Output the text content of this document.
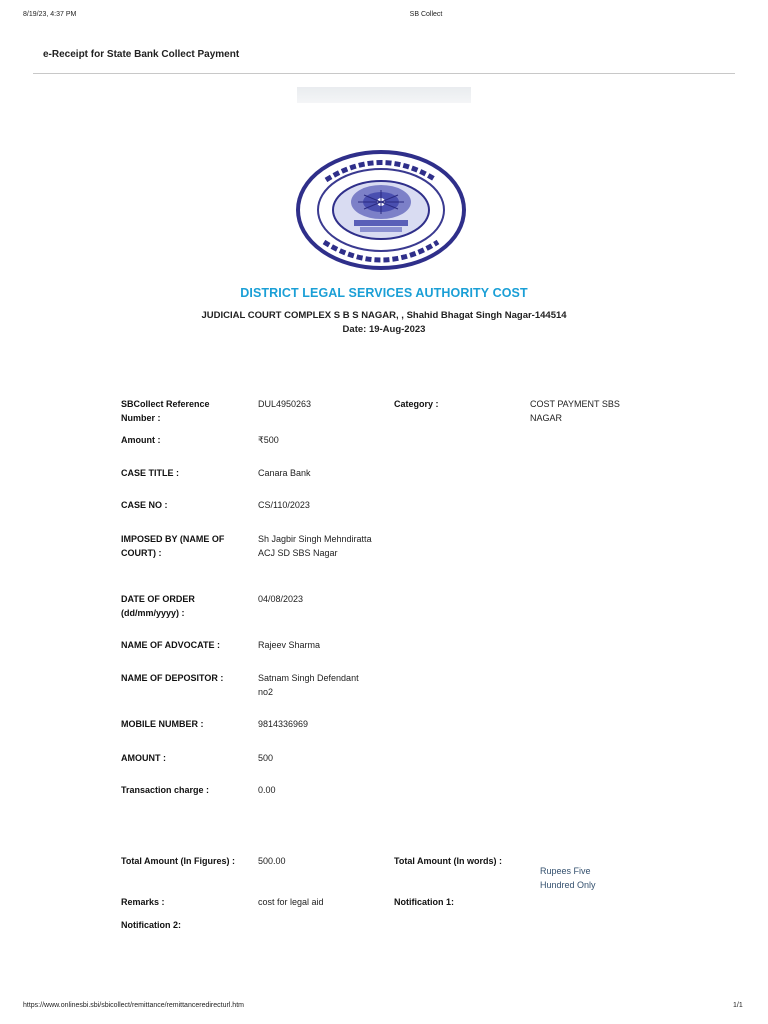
8/19/23, 4:37 PM	SB Collect
e-Receipt for State Bank Collect Payment
DISTRICT LEGAL SERVICES AUTHORITY COST
JUDICIAL COURT COMPLEX S B S NAGAR, , Shahid Bhagat Singh Nagar-144514
Date: 19-Aug-2023
SBCollect Reference Number :
DUL4950263	Category :	COST PAYMENT SBS NAGAR
Amount :	₹500
CASE TITLE :	Canara Bank
CASE NO :	CS/110/2023
IMPOSED BY (NAME OF COURT) :
Sh Jagbir Singh Mehndiratta ACJ SD SBS Nagar
DATE OF ORDER (dd/mm/yyyy) :
04/08/2023
NAME OF ADVOCATE :	Rajeev Sharma
NAME OF DEPOSITOR :	Satnam Singh Defendant no2
MOBILE NUMBER :	9814336969
AMOUNT :	500
Transaction charge :	0.00
Total Amount (In Figures) :	500.00	Total Amount (In words) :
Rupees Five Hundred Only
Remarks :	cost for legal aid	Notification 1:
Notification 2:
https://www.onlinesbi.sbi/sbicollect/remittance/remittanceredirecturl.htm	1/1
